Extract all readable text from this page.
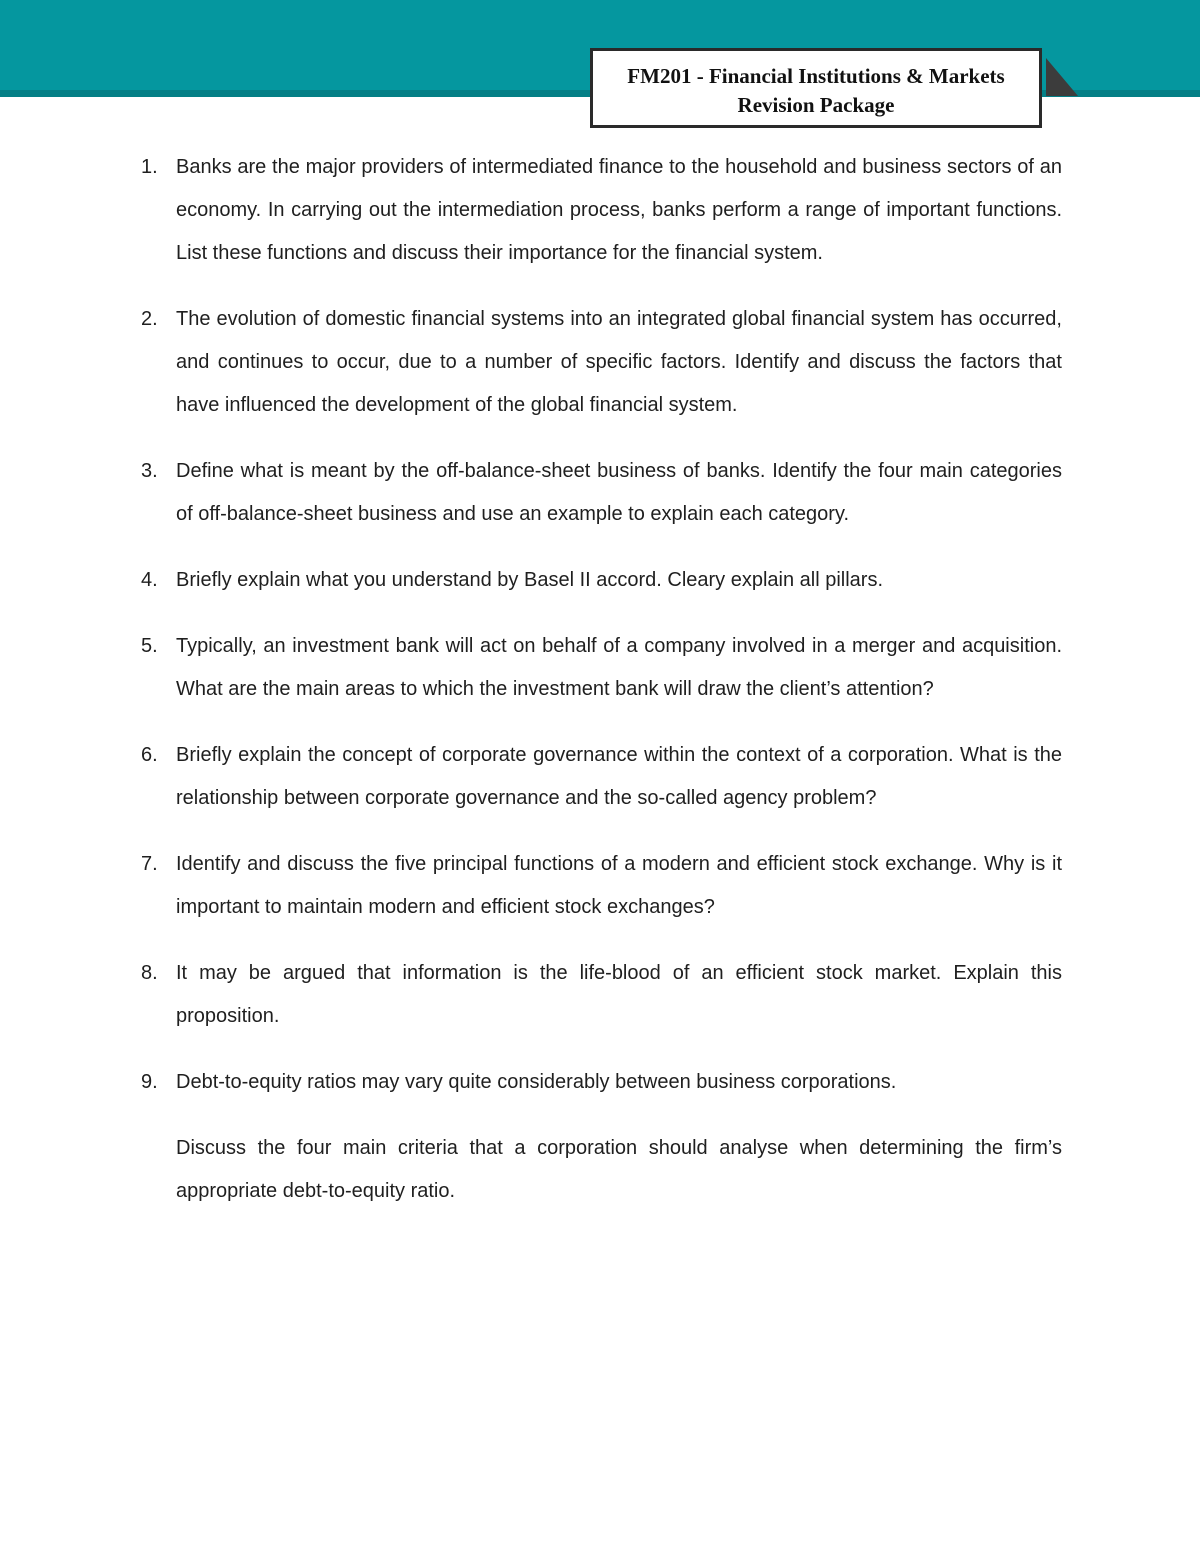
FM201 - Financial Institutions & Markets
Revision Package
1. Banks are the major providers of intermediated finance to the household and business sectors of an economy. In carrying out the intermediation process, banks perform a range of important functions. List these functions and discuss their importance for the financial system.
2. The evolution of domestic financial systems into an integrated global financial system has occurred, and continues to occur, due to a number of specific factors. Identify and discuss the factors that have influenced the development of the global financial system.
3. Define what is meant by the off-balance-sheet business of banks. Identify the four main categories of off-balance-sheet business and use an example to explain each category.
4. Briefly explain what you understand by Basel II accord. Cleary explain all pillars.
5. Typically, an investment bank will act on behalf of a company involved in a merger and acquisition. What are the main areas to which the investment bank will draw the client’s attention?
6. Briefly explain the concept of corporate governance within the context of a corporation. What is the relationship between corporate governance and the so-called agency problem?
7. Identify and discuss the five principal functions of a modern and efficient stock exchange. Why is it important to maintain modern and efficient stock exchanges?
8. It may be argued that information is the life-blood of an efficient stock market. Explain this proposition.
9. Debt-to-equity ratios may vary quite considerably between business corporations.
Discuss the four main criteria that a corporation should analyse when determining the firm’s appropriate debt-to-equity ratio.
